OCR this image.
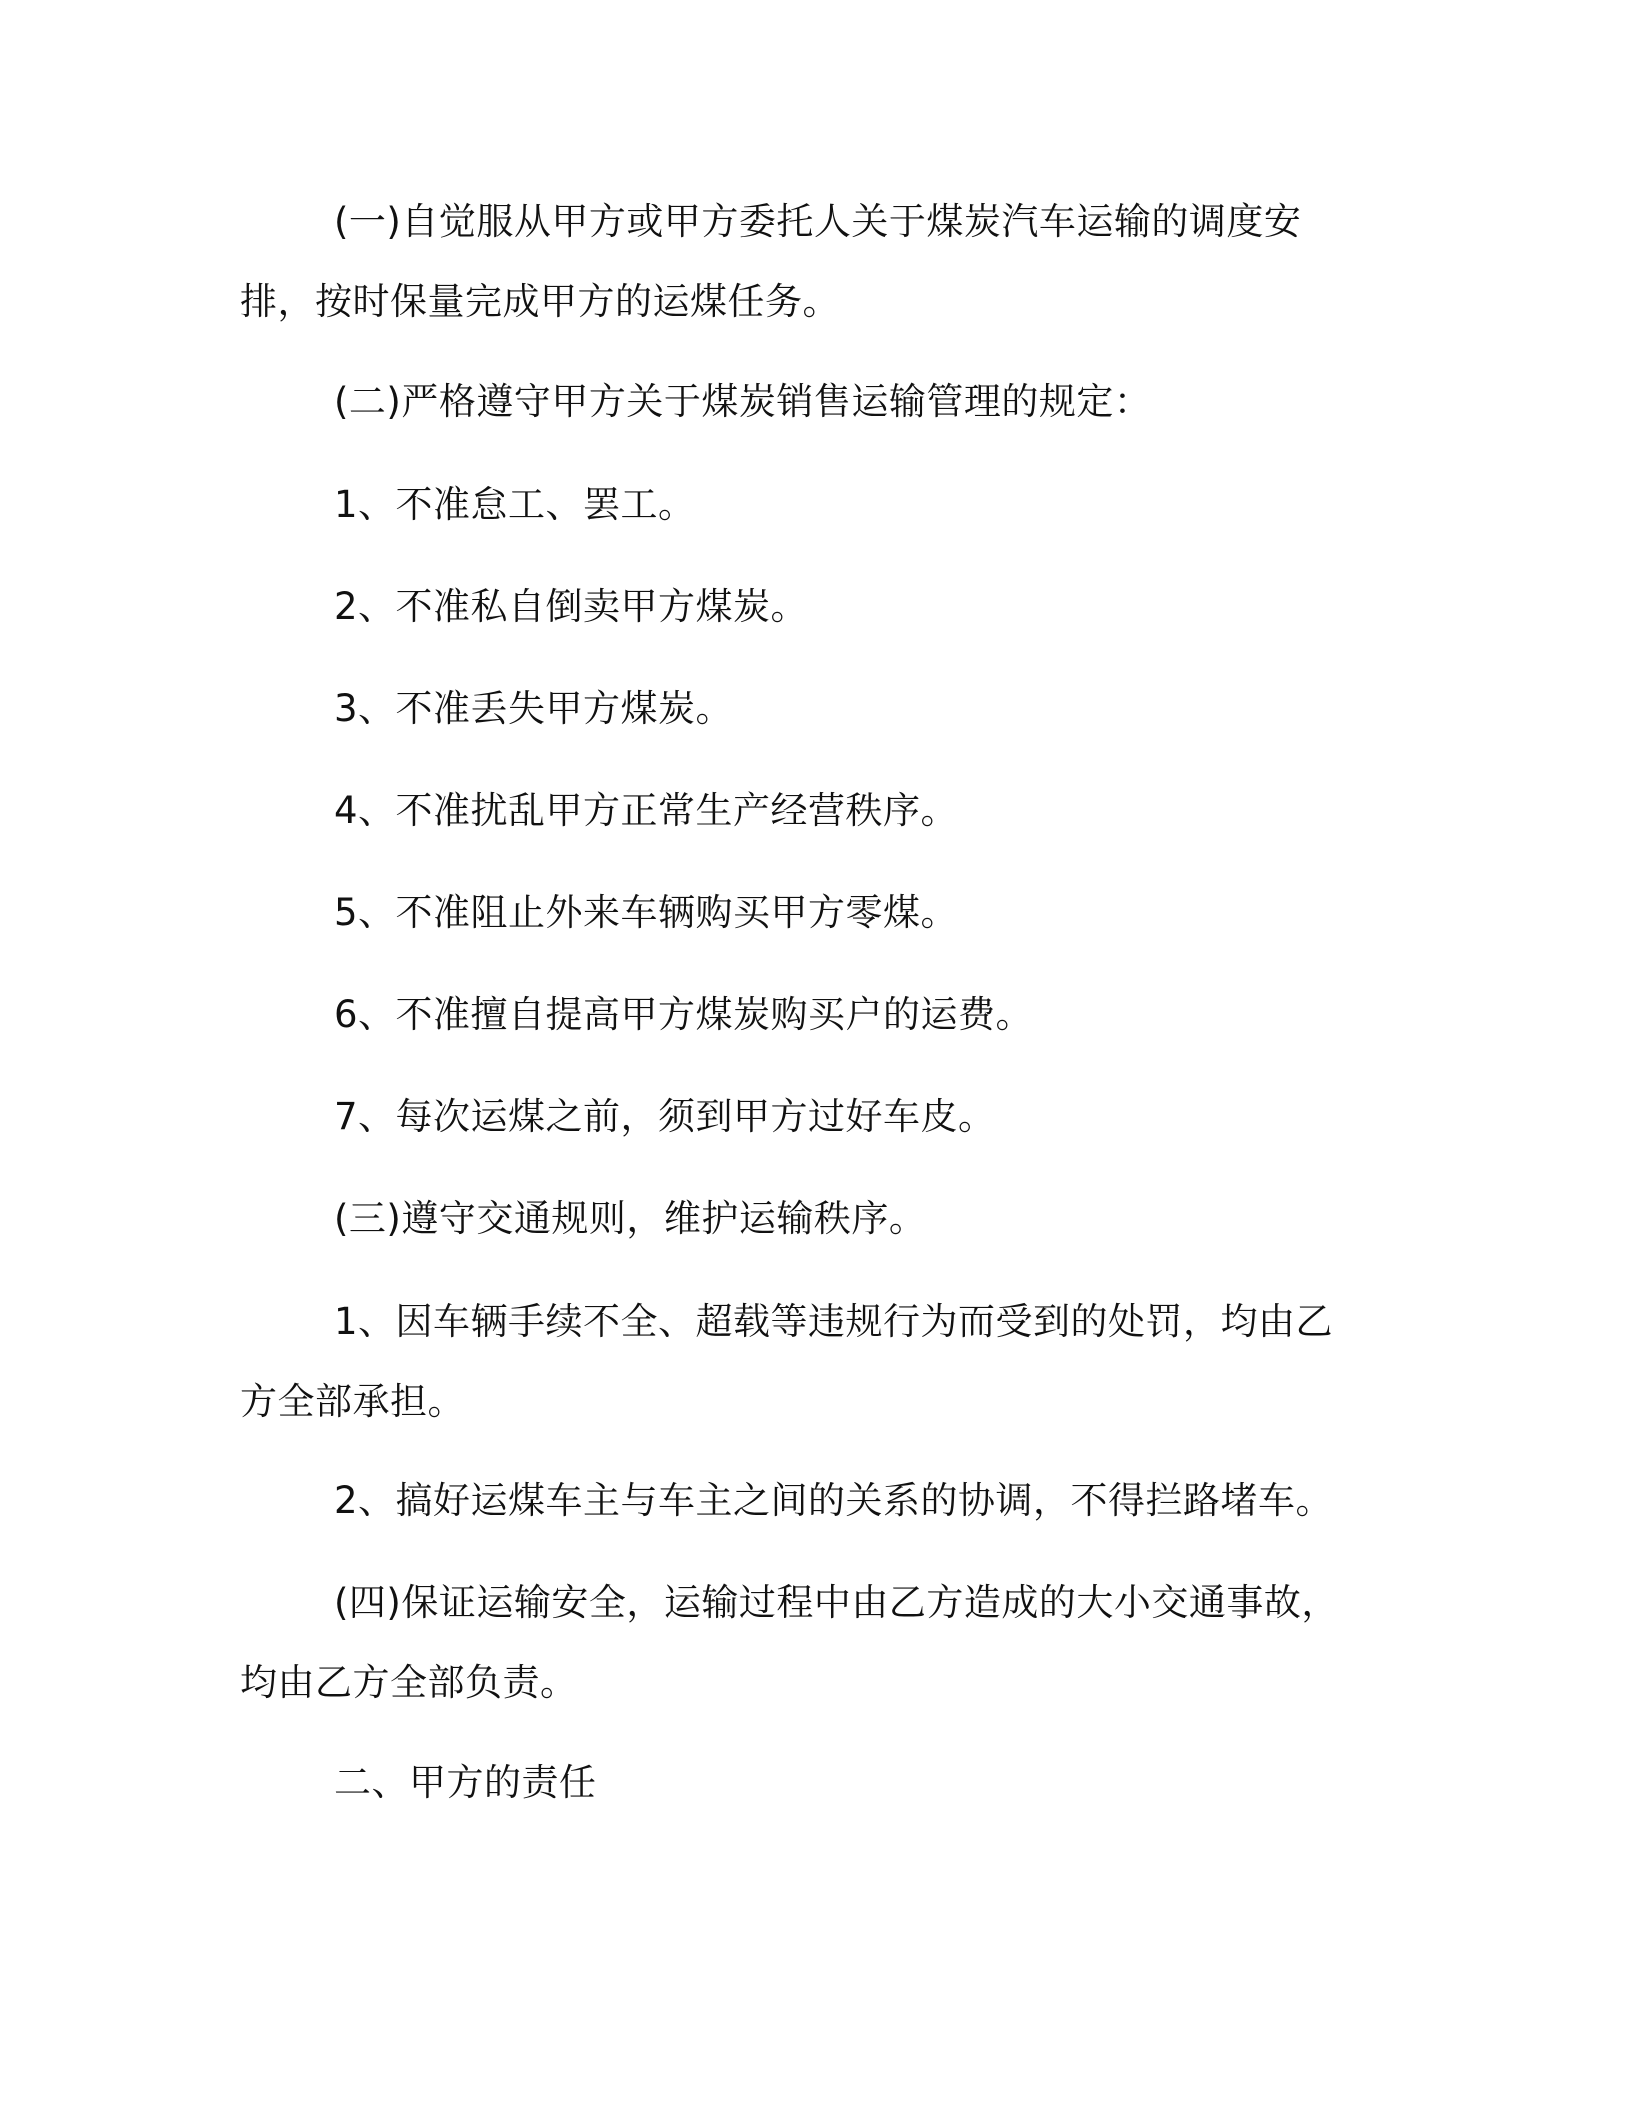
(一)自觉服从甲方或甲方委托人关于煤炭汽车运输的调度安排，按时保量完成甲方的运煤任务。

(二)严格遵守甲方关于煤炭销售运输管理的规定：

1、不准怠工、罢工。

2、不准私自倒卖甲方煤炭。

3、不准丢失甲方煤炭。

4、不准扰乱甲方正常生产经营秩序。

5、不准阻止外来车辆购买甲方零煤。

6、不准擅自提高甲方煤炭购买户的运费。

7、每次运煤之前，须到甲方过好车皮。

(三)遵守交通规则，维护运输秩序。

1、因车辆手续不全、超载等违规行为而受到的处罚，均由乙方全部承担。

2、搞好运煤车主与车主之间的关系的协调，不得拦路堵车。

(四)保证运输安全，运输过程中由乙方造成的大小交通事故，均由乙方全部负责。

二、甲方的责任
